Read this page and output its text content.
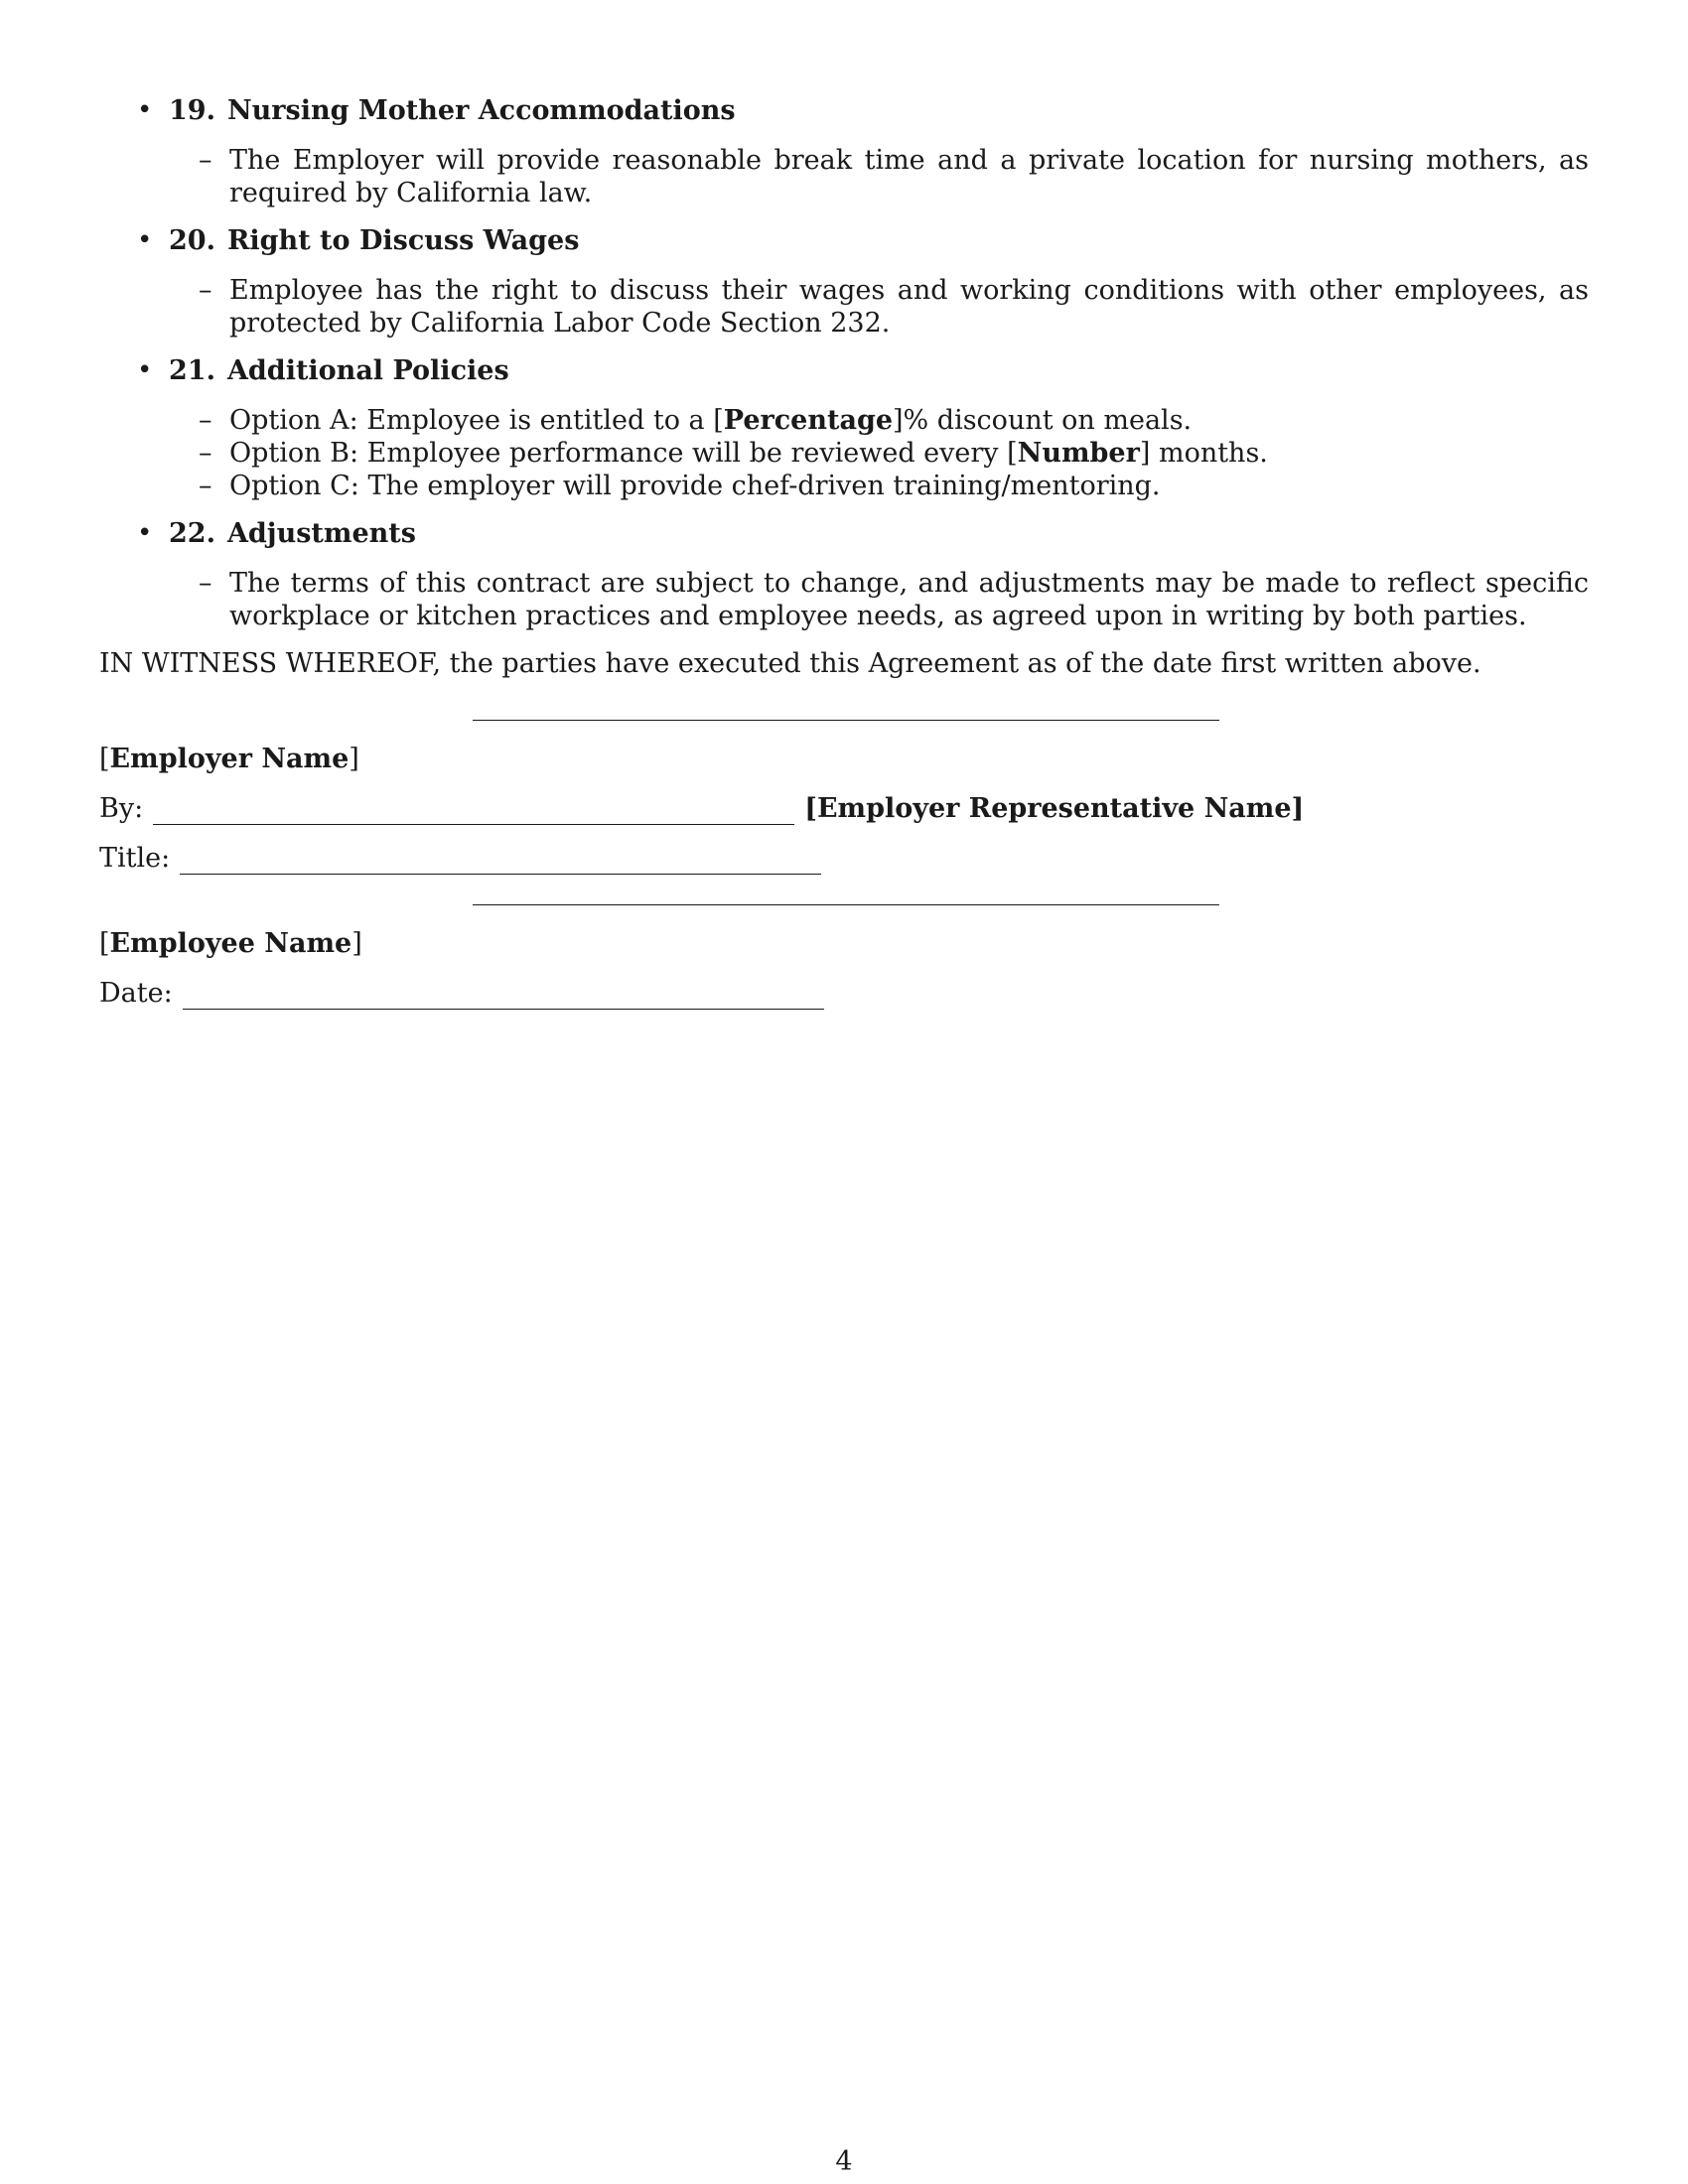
• 19. Nursing Mother Accommodations
– The Employer will provide reasonable break time and a private location for nursing mothers, as required by California law.
• 20. Right to Discuss Wages
– Employee has the right to discuss their wages and working conditions with other employees, as protected by California Labor Code Section 232.
• 21. Additional Policies
– Option A: Employee is entitled to a [Percentage]% discount on meals.
– Option B: Employee performance will be reviewed every [Number] months.
– Option C: The employer will provide chef-driven training/mentoring.
• 22. Adjustments
– The terms of this contract are subject to change, and adjustments may be made to reflect specific workplace or kitchen practices and employee needs, as agreed upon in writing by both parties.

IN WITNESS WHEREOF, the parties have executed this Agreement as of the date first written above.

[Employer Name]
By:	[Employer Representative Name]
Title:
[Employee Name]
Date:
4
